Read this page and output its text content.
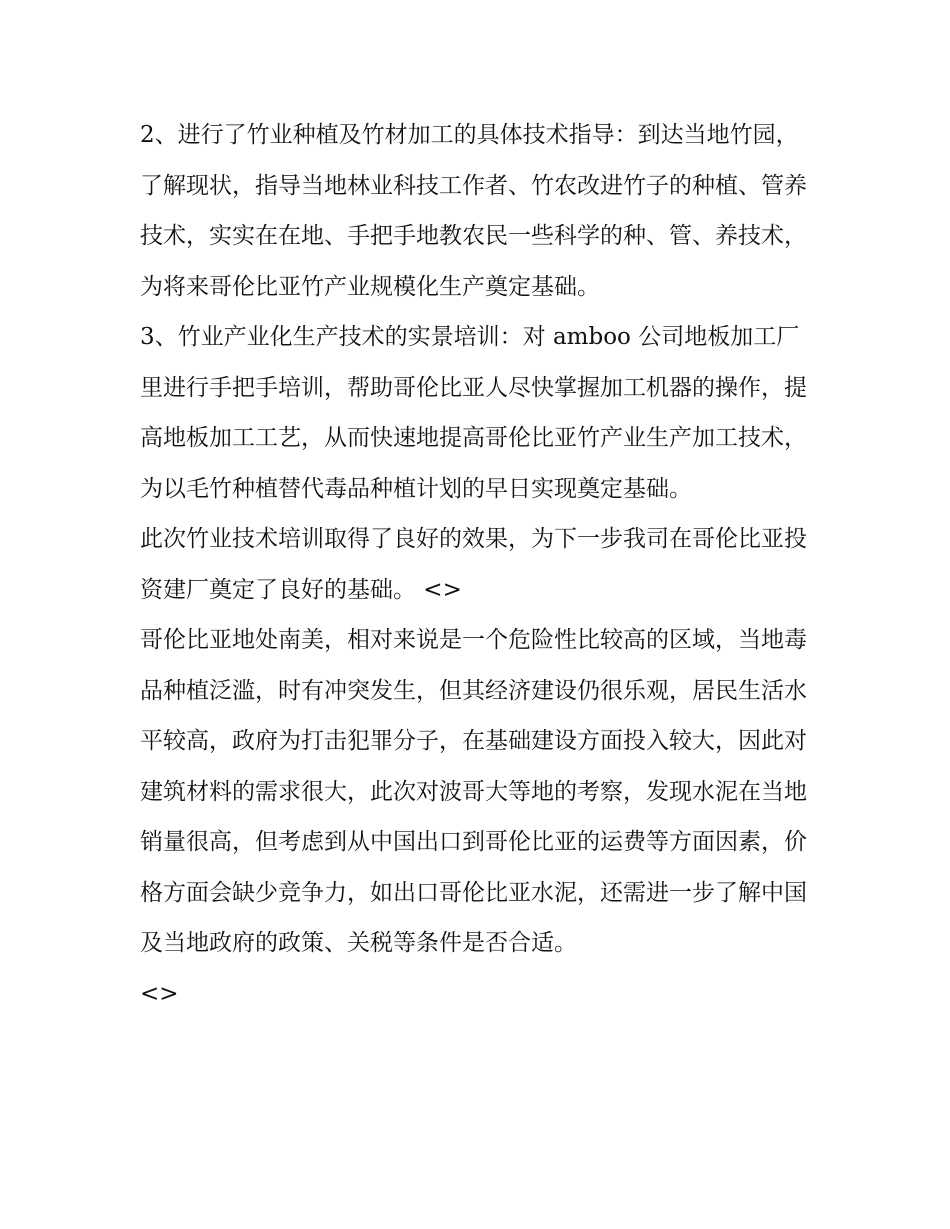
2、进行了竹业种植及竹材加工的具体技术指导：到达当地竹园，了解现状，指导当地林业科技工作者、竹农改进竹子的种植、管养技术，实实在在地、手把手地教农民一些科学的种、管、养技术，为将来哥伦比亚竹产业规模化生产奠定基础。

3、竹业产业化生产技术的实景培训：对 amboo 公司地板加工厂里进行手把手培训，帮助哥伦比亚人尽快掌握加工机器的操作，提高地板加工工艺，从而快速地提高哥伦比亚竹产业生产加工技术，为以毛竹种植替代毒品种植计划的早日实现奠定基础。

此次竹业技术培训取得了良好的效果，为下一步我司在哥伦比亚投资建厂奠定了良好的基础。 <>

哥伦比亚地处南美，相对来说是一个危险性比较高的区域，当地毒品种植泛滥，时有冲突发生，但其经济建设仍很乐观，居民生活水平较高，政府为打击犯罪分子，在基础建设方面投入较大，因此对建筑材料的需求很大，此次对波哥大等地的考察，发现水泥在当地销量很高，但考虑到从中国出口到哥伦比亚的运费等方面因素，价格方面会缺少竞争力，如出口哥伦比亚水泥，还需进一步了解中国及当地政府的政策、关税等条件是否合适。

<>
